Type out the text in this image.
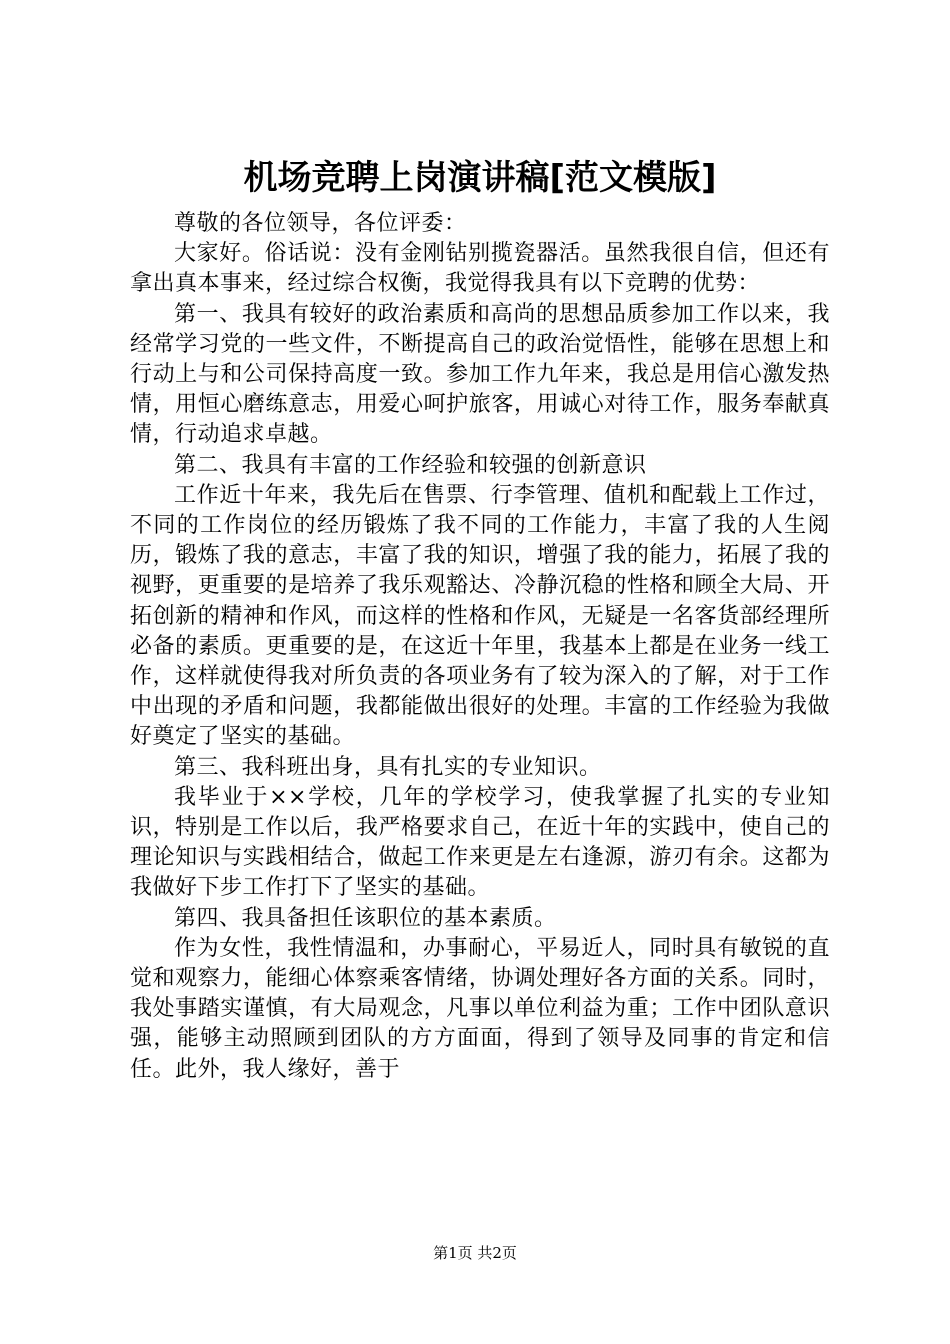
机场竞聘上岗演讲稿[范文模版]

尊敬的各位领导，各位评委：

大家好。俗话说：没有金刚钻别揽瓷器活。虽然我很自信，但还有拿出真本事来，经过综合权衡，我觉得我具有以下竞聘的优势：

第一、我具有较好的政治素质和高尚的思想品质参加工作以来，我经常学习党的一些文件，不断提高自己的政治觉悟性，能够在思想上和行动上与和公司保持高度一致。参加工作九年来，我总是用信心激发热情，用恒心磨练意志，用爱心呵护旅客，用诚心对待工作，服务奉献真情，行动追求卓越。

第二、我具有丰富的工作经验和较强的创新意识

工作近十年来，我先后在售票、行李管理、值机和配载上工作过，不同的工作岗位的经历锻炼了我不同的工作能力，丰富了我的人生阅历，锻炼了我的意志，丰富了我的知识，增强了我的能力，拓展了我的视野，更重要的是培养了我乐观豁达、冷静沉稳的性格和顾全大局、开拓创新的精神和作风，而这样的性格和作风，无疑是一名客货部经理所必备的素质。更重要的是，在这近十年里，我基本上都是在业务一线工作，这样就使得我对所负责的各项业务有了较为深入的了解，对于工作中出现的矛盾和问题，我都能做出很好的处理。丰富的工作经验为我做好奠定了坚实的基础。

第三、我科班出身，具有扎实的专业知识。

我毕业于××学校，几年的学校学习，使我掌握了扎实的专业知识，特别是工作以后，我严格要求自己，在近十年的实践中，使自己的理论知识与实践相结合，做起工作来更是左右逢源，游刃有余。这都为我做好下步工作打下了坚实的基础。

第四、我具备担任该职位的基本素质。

作为女性，我性情温和，办事耐心，平易近人，同时具有敏锐的直觉和观察力，能细心体察乘客情绪，协调处理好各方面的关系。同时，我处事踏实谨慎，有大局观念，凡事以单位利益为重；工作中团队意识强，能够主动照顾到团队的方方面面，得到了领导及同事的肯定和信任。此外，我人缘好，善于

第1页 共2页
